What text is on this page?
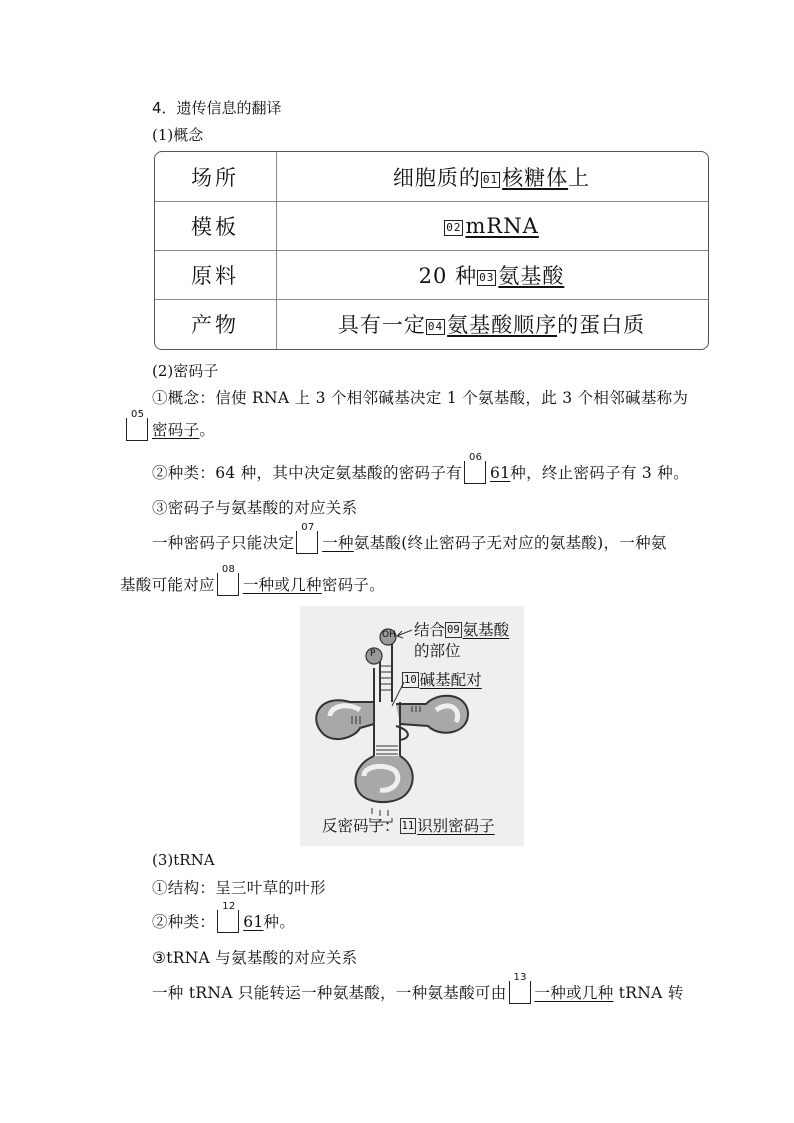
4．遗传信息的翻译
(1)概念
场所	细胞质的 01 核糖体上
模板	02 mRNA
原料	20 种 03 氨基酸
产物	具有一定 04 氨基酸顺序的蛋白质
(2)密码子
①概念：信使 RNA 上 3 个相邻碱基决定 1 个氨基酸，此 3 个相邻碱基称为
05
密码子。
②种类：64 种，其中决定氨基酸的密码子有
06
61种，终止密码子有 3 种。
③密码子与氨基酸的对应关系
一种密码子只能决定
07
一种氨基酸(终止密码子无对应的氨基酸)，一种氨
基酸可能对应
08
一种或几种密码子。
OH
P
结合 09 氨基酸
的部位
10 碱基配对
反密码子： 11 识别密码子
(3)tRNA
①结构：呈三叶草的叶形
②种类：
12
61种。
③tRNA 与氨基酸的对应关系
一种 tRNA 只能转运一种氨基酸，一种氨基酸可由
13
一种或几种 tRNA 转
